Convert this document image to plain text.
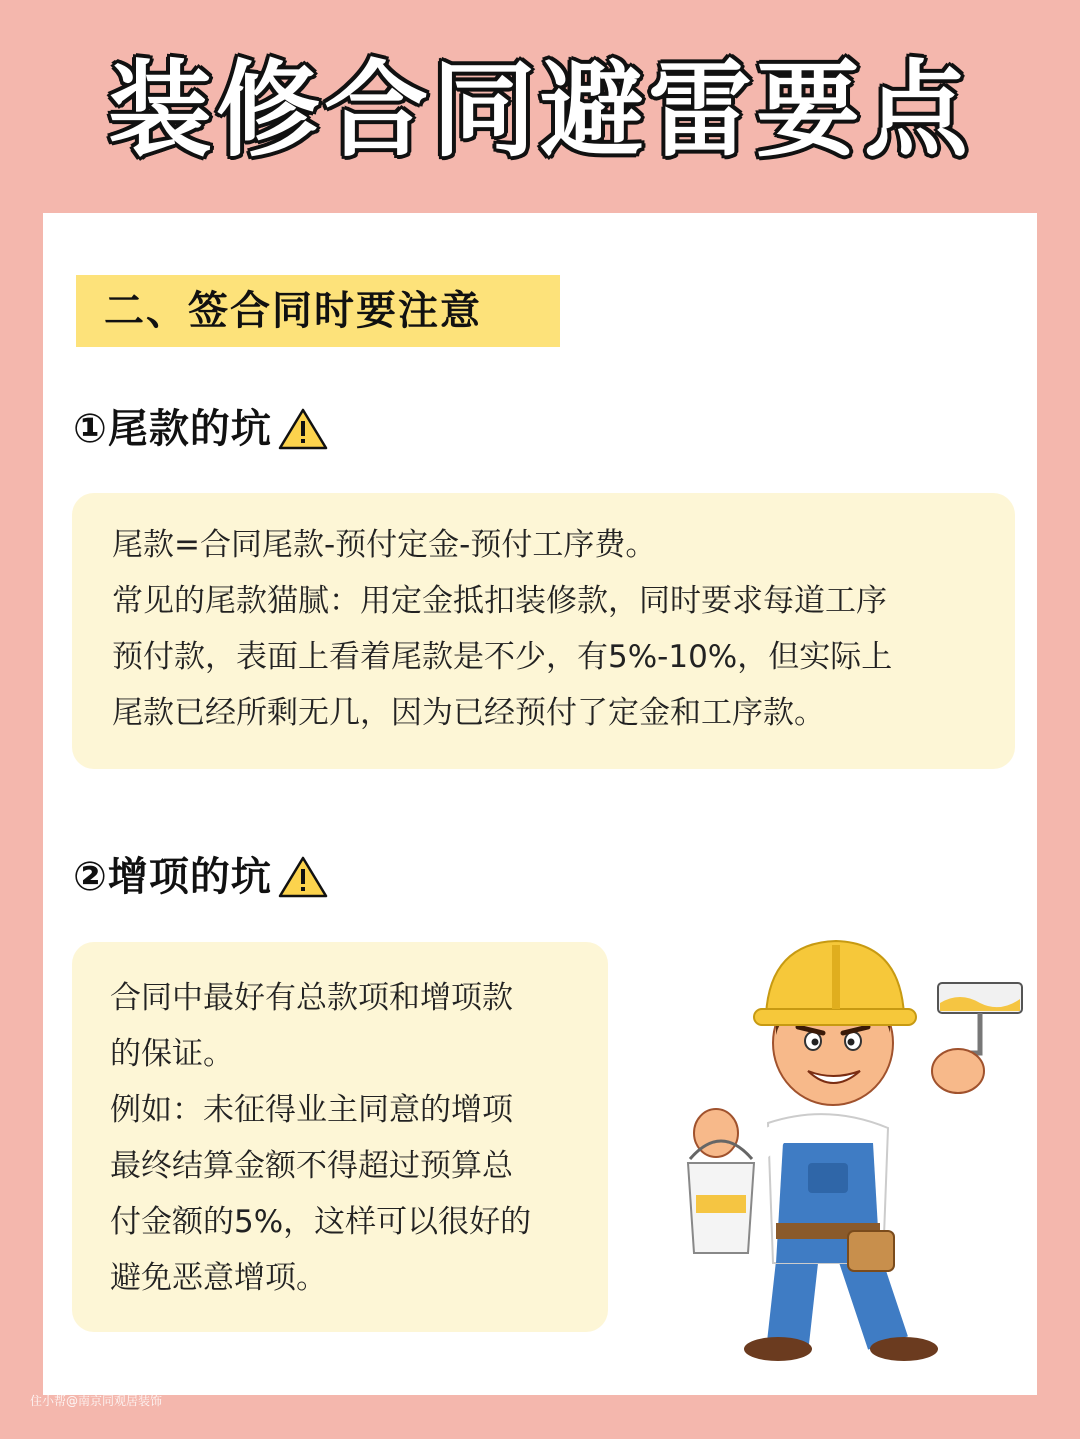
装修合同避雷要点
二、签合同时要注意
①尾款的坑

尾款=合同尾款-预付定金-预付工序费。

常见的尾款猫腻：用定金抵扣装修款，同时要求每道工序

预付款，表面上看着尾款是不少，有5%-10%，但实际上

尾款已经所剩无几，因为已经预付了定金和工序款。

②增项的坑

合同中最好有总款项和增项款

的保证。

例如：未征得业主同意的增项

最终结算金额不得超过预算总

付金额的5%，这样可以很好的

避免恶意增项。

住小帮@南京同观居装饰
